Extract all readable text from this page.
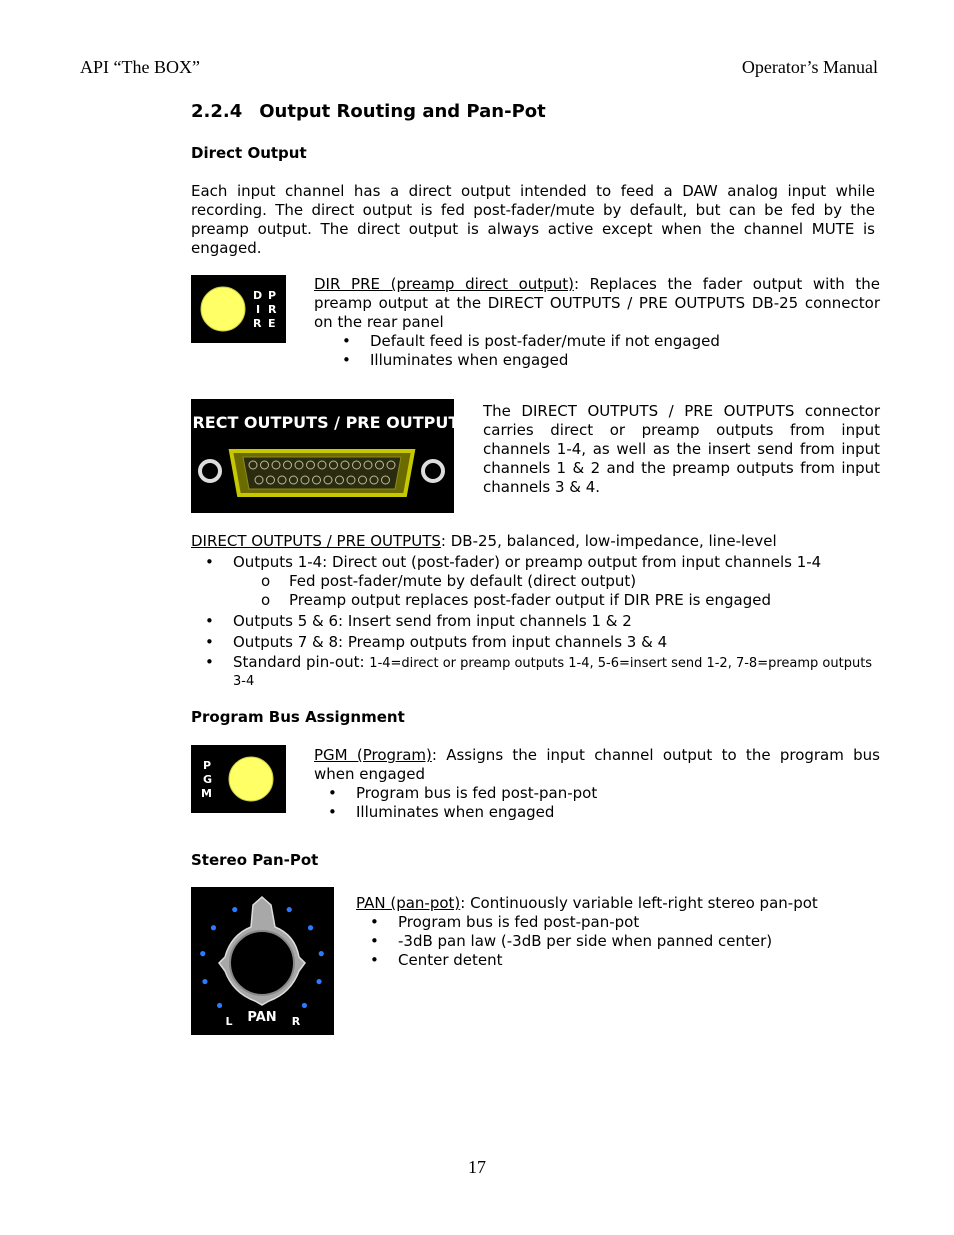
API “The BOX”	Operator’s Manual
2.2.4 Output Routing and Pan-Pot
Direct Output
Each input channel has a direct output intended to feed a DAW analog input while recording. The direct output is fed post-fader/mute by default, but can be fed by the preamp output. The direct output is always active except when the channel MUTE is engaged.
D P
I R
R E
DIR PRE (preamp direct output): Replaces the fader output with the preamp output at the DIRECT OUTPUTS / PRE OUTPUTS DB-25 connector on the rear panel
• Default feed is post-fader/mute if not engaged
• Illuminates when engaged
DIRECT OUTPUTS / PRE OUTPUTS
The DIRECT OUTPUTS / PRE OUTPUTS connector carries direct or preamp outputs from input channels 1-4, as well as the insert send from input channels 1 & 2 and the preamp outputs from input channels 3 & 4.
DIRECT OUTPUTS / PRE OUTPUTS: DB-25, balanced, low-impedance, line-level
• Outputs 1-4: Direct out (post-fader) or preamp output from input channels 1-4
o Fed post-fader/mute by default (direct output)
o Preamp output replaces post-fader output if DIR PRE is engaged
• Outputs 5 & 6: Insert send from input channels 1 & 2
• Outputs 7 & 8: Preamp outputs from input channels 3 & 4
• Standard pin-out: 1-4=direct or preamp outputs 1-4, 5-6=insert send 1-2, 7-8=preamp outputs 3-4
Program Bus Assignment
P
G
M
PGM (Program): Assigns the input channel output to the program bus when engaged
• Program bus is fed post-pan-pot
• Illuminates when engaged
Stereo Pan-Pot
PAN
L	R
PAN (pan-pot): Continuously variable left-right stereo pan-pot
• Program bus is fed post-pan-pot
• -3dB pan law (-3dB per side when panned center)
• Center detent
17
